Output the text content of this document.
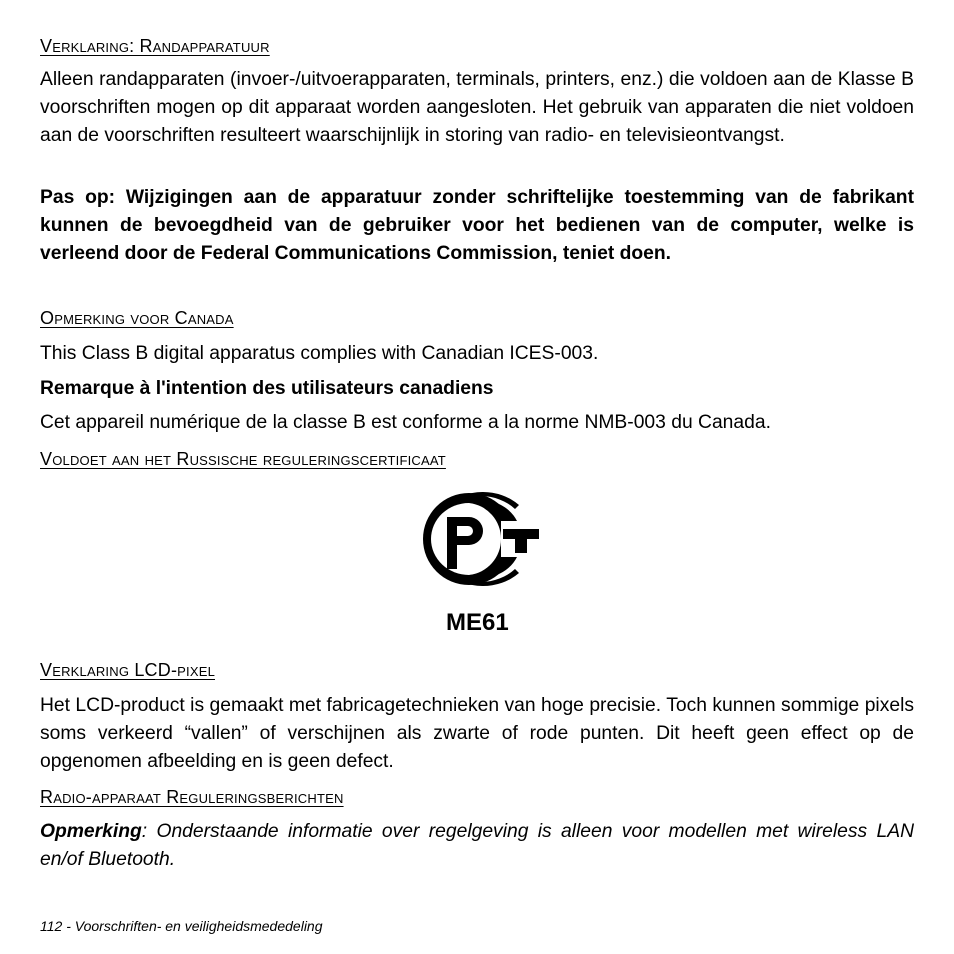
Verklaring: Randapparatuur

Alleen randapparaten (invoer-/uitvoerapparaten, terminals, printers, enz.) die voldoen aan de Klasse B voorschriften mogen op dit apparaat worden aangesloten. Het gebruik van apparaten die niet voldoen aan de voorschriften resulteert waarschijnlijk in storing van radio- en televisieontvangst.

Pas op: Wijzigingen aan de apparatuur zonder schriftelijke toestemming van de fabrikant kunnen de bevoegdheid van de gebruiker voor het bedienen van de computer, welke is verleend door de Federal Communications Commission, teniet doen.

Opmerking voor Canada

This Class B digital apparatus complies with Canadian ICES-003.

Remarque à l'intention des utilisateurs canadiens

Cet appareil numérique de la classe B est conforme a la norme NMB-003 du Canada.

Voldoet aan het Russische reguleringscertificaat
ME61
Verklaring LCD-pixel

Het LCD-product is gemaakt met fabricagetechnieken van hoge precisie. Toch kunnen sommige pixels soms verkeerd “vallen” of verschijnen als zwarte of rode punten. Dit heeft geen effect op de opgenomen afbeelding en is geen defect.

Radio-apparaat Reguleringsberichten

Opmerking: Onderstaande informatie over regelgeving is alleen voor modellen met wireless LAN en/of Bluetooth.

112 - Voorschriften- en veiligheidsmededeling
